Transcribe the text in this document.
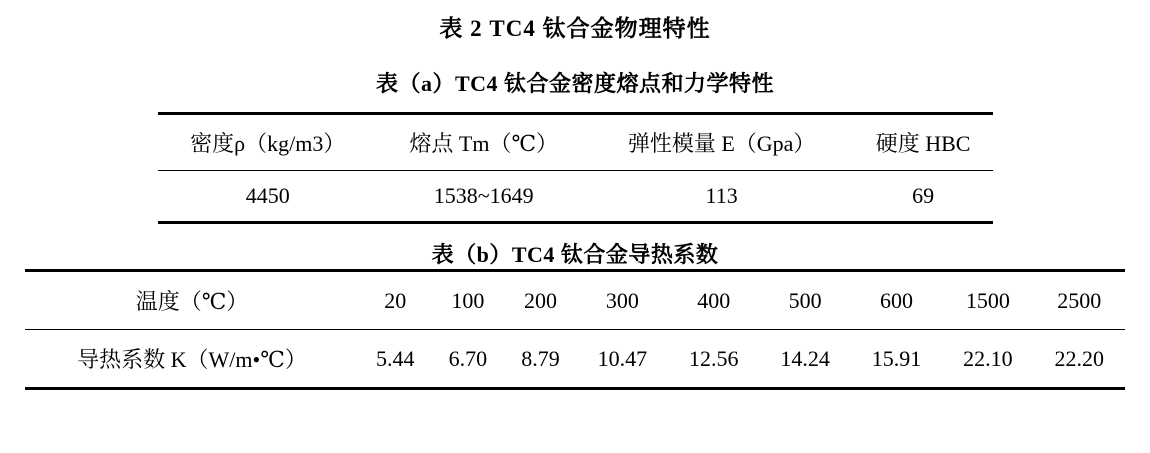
表 2 TC4 钛合金物理特性
表（a）TC4 钛合金密度熔点和力学特性
密度ρ（kg/m3）	熔点 Tm（℃）	弹性模量 E（Gpa）	硬度 HBC
4450	1538~1649	113	69

表（b）TC4 钛合金导热系数
温度（℃）	20	100	200	300	400	500	600	1500	2500
导热系数 K（W/m•℃）	5.44	6.70	8.79	10.47	12.56	14.24	15.91	22.10	22.20
